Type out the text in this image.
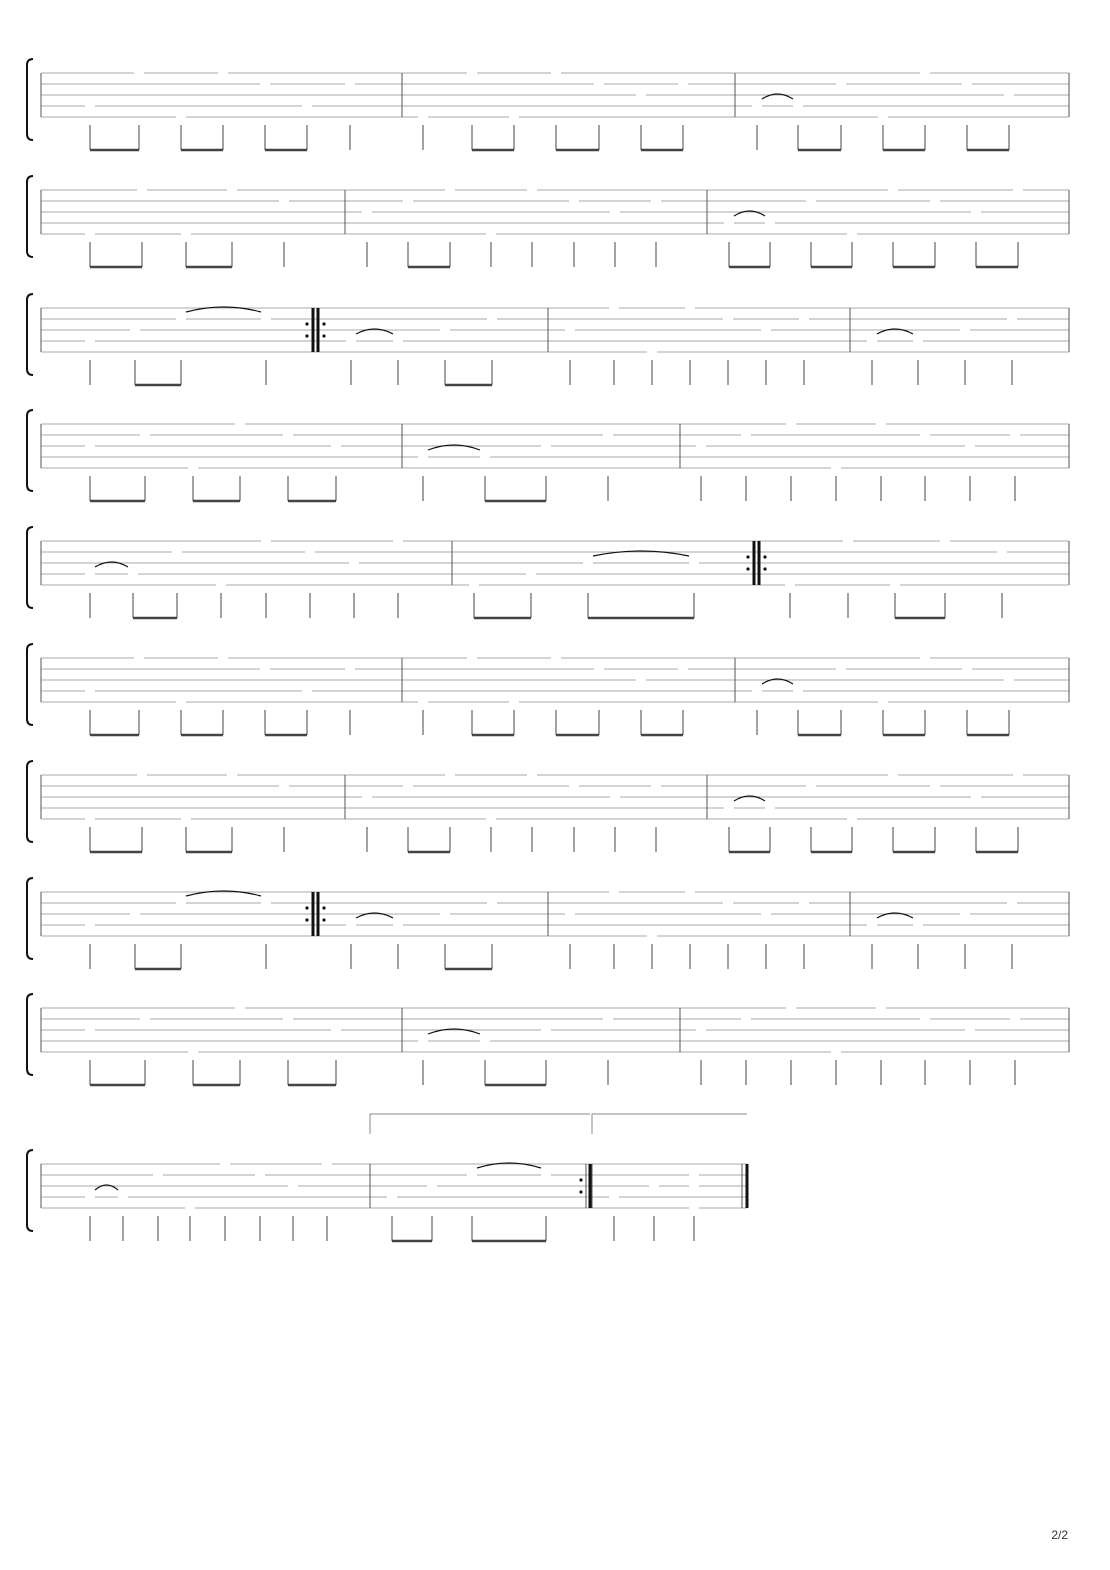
2/2
